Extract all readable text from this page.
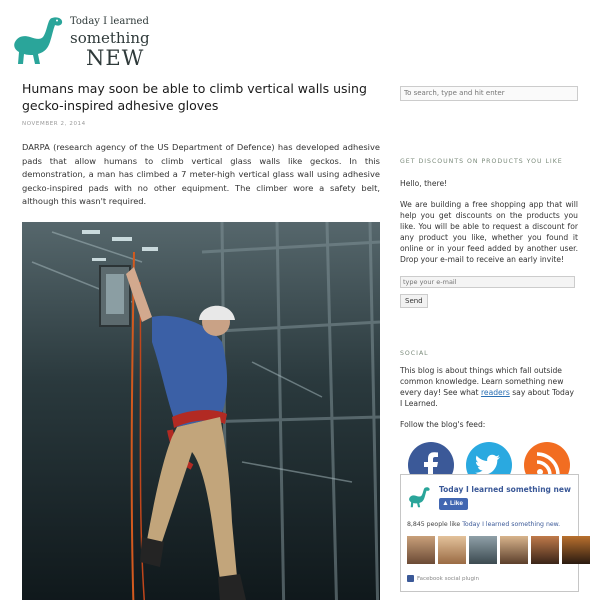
Today I learned
something
NEW
Humans may soon be able to climb vertical walls using gecko-inspired adhesive gloves
NOVEMBER 2, 2014

DARPA (research agency of the US Department of Defence) has developed adhesive pads that allow humans to climb vertical glass walls like geckos. In this demonstration, a man has climbed a 7 meter-high vertical glass wall using adhesive gecko-inspired pads with no other equipment. The climber wore a safety belt, although this wasn't required.

To search, type and hit enter
GET DISCOUNTS ON PRODUCTS YOU LIKE
Hello, there!
We are building a free shopping app that will help you get discounts on the products you like. You will be able to request a discount for any product you like, whether you found it online or in your feed added by another user. Drop your e-mail to receive an early invite!
type your e-mail
Send
SOCIAL
This blog is about things which fall outside common knowledge. Learn something new every day! See what readers say about Today I Learned.
Follow the blog's feed:
Today I learned something new
▲ Like
8,845 people like Today I learned something new.
Facebook social plugin
